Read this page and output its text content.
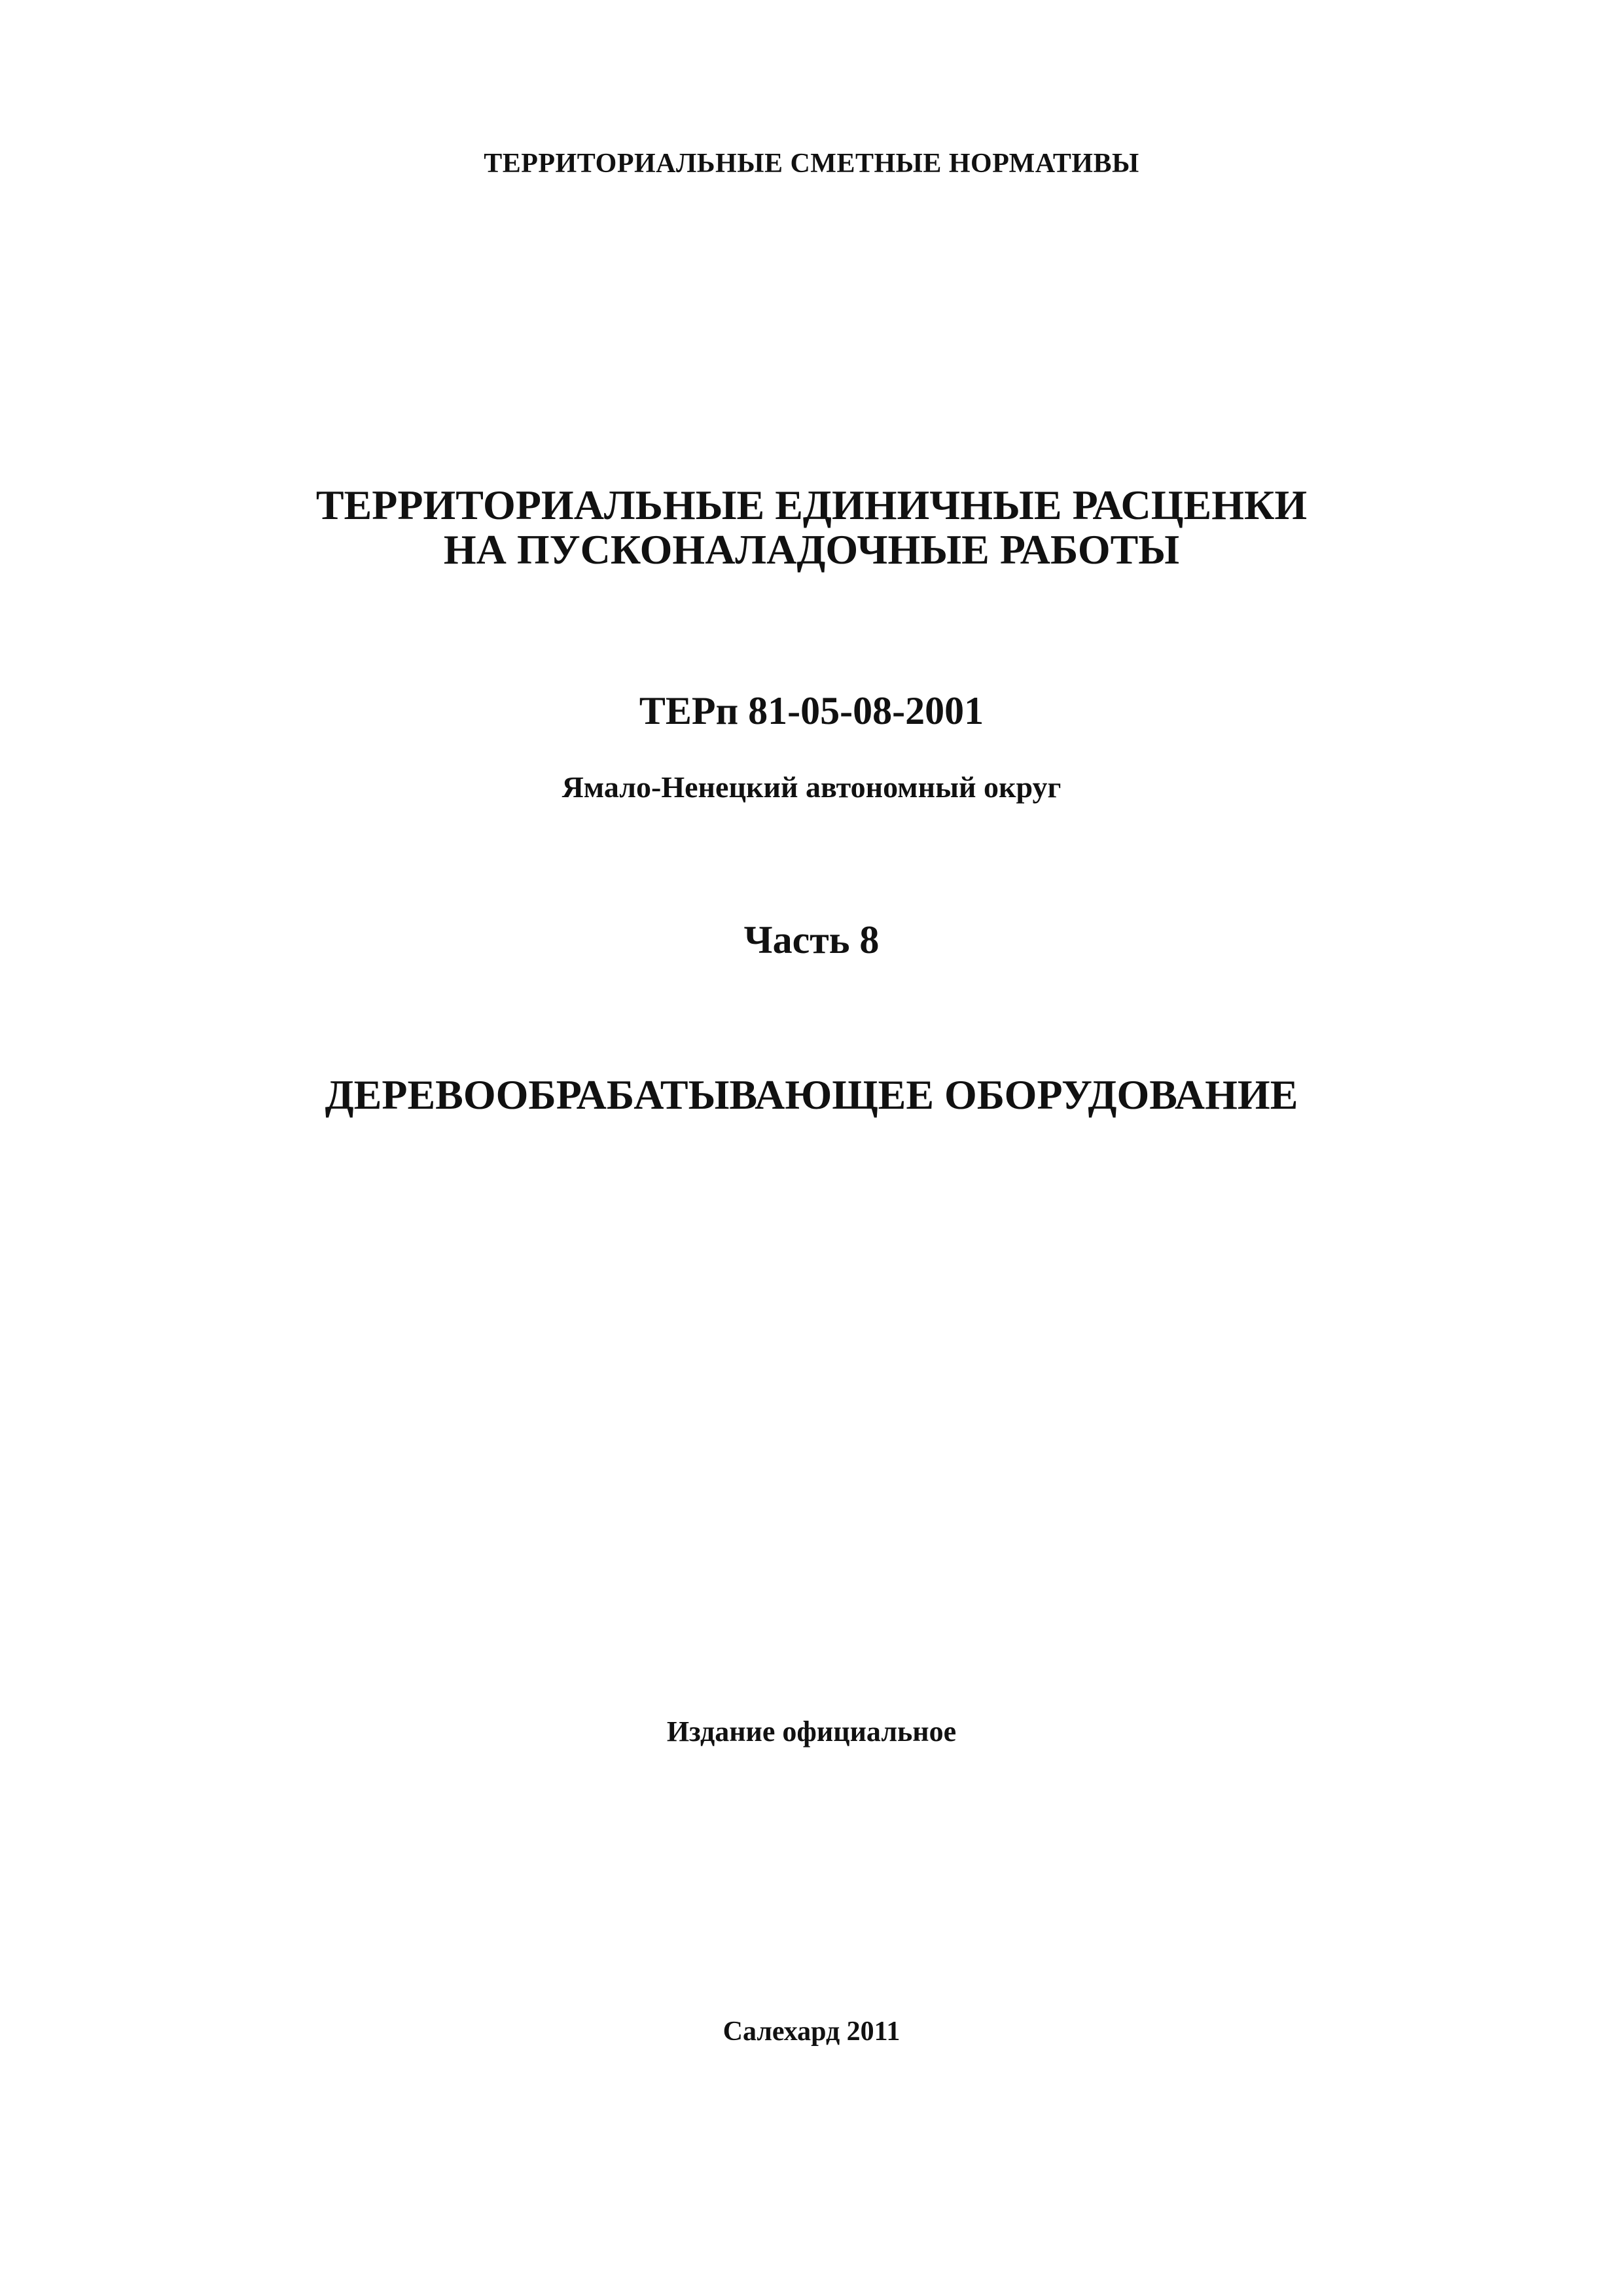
ТЕРРИТОРИАЛЬНЫЕ СМЕТНЫЕ НОРМАТИВЫ
ТЕРРИТОРИАЛЬНЫЕ ЕДИНИЧНЫЕ РАСЦЕНКИ
НА ПУСКОНАЛАДОЧНЫЕ РАБОТЫ
ТЕРп 81-05-08-2001
Ямало-Ненецкий автономный округ
Часть 8
ДЕРЕВООБРАБАТЫВАЮЩЕЕ ОБОРУДОВАНИЕ
Издание официальное
Салехард 2011
